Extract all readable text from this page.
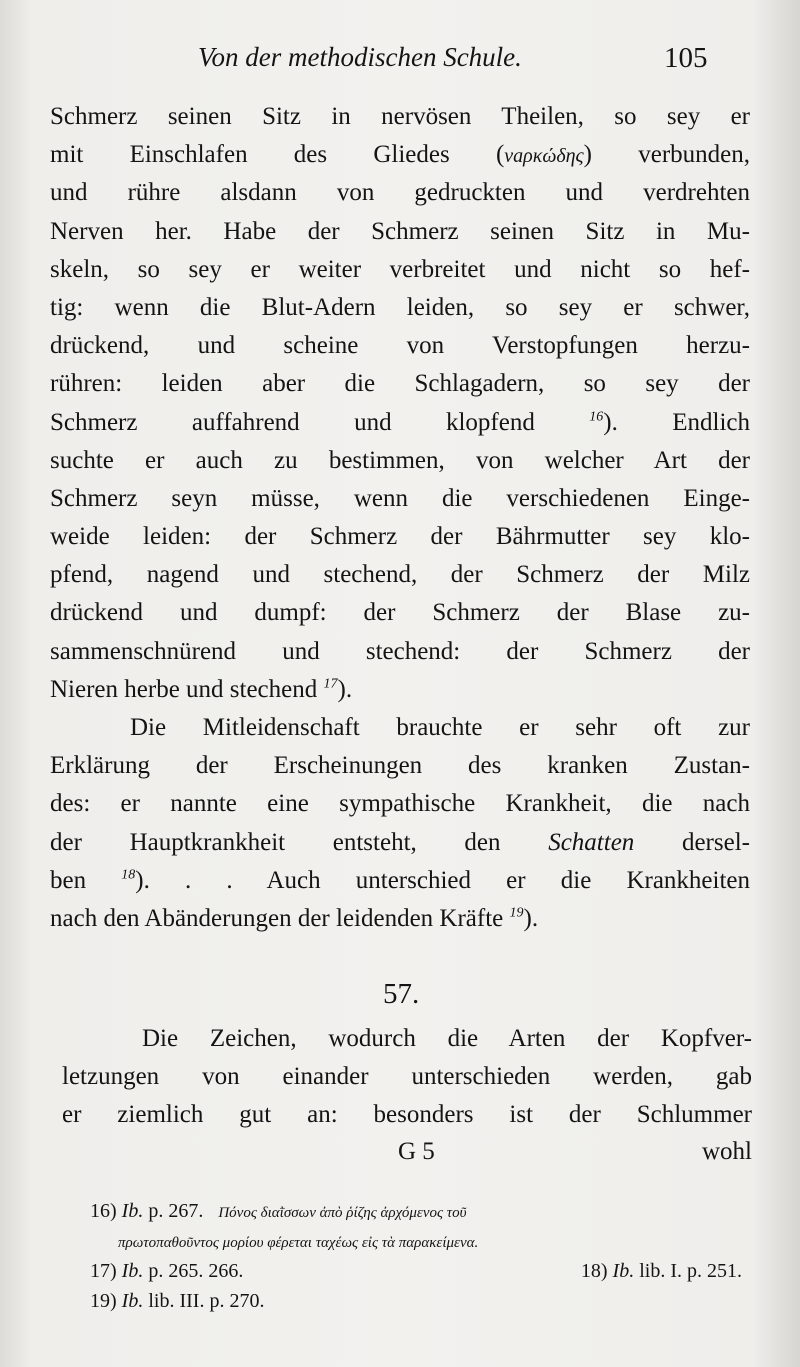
Von der methodischen Schule.	105
Schmerz seinen Sitz in nervösen Theilen, so sey er
mit Einschlafen des Gliedes (νaρκώδης) verbunden,
und rühre alsdann von gedruckten und verdrehten
Nerven her. Habe der Schmerz seinen Sitz in Mu-
skeln, so sey er weiter verbreitet und nicht so hef-
tig: wenn die Blut-Adern leiden, so sey er schwer,
drückend, und scheine von Verstopfungen herzu-
rühren: leiden aber die Schlagadern, so sey der
Schmerz auffahrend und klopfend	$^{16}$). Endlich
suchte er auch zu bestimmen, von welcher Art der
Schmerz seyn müsse, wenn die verschiedenen Einge-
weide leiden: der Schmerz der Bährmutter sey klo-
pfend, nagend und stechend, der Schmerz der Milz
drückend und dumpf: der Schmerz der Blase zu-
sammenschnürend und stechend: der Schmerz der
Nieren herbe und stechend $^{17}$).
Die Mitleidenschaft brauchte er sehr oft zur
Erklärung der Erscheinungen des kranken Zustan-
des: er nannte eine sympathische Krankheit, die nach
der Hauptkrankheit entsteht, den Schatten dersel-
ben	$^{18}$). . . Auch unterschied er die Krankheiten
nach den Abänderungen der leidenden Kräfte $^{19}$).
57.
Die Zeichen, wodurch die Arten der Kopfver-
letzungen von einander unterschieden werden, gab
er ziemlich gut an: besonders ist der Schlummer
G 5	wohl
16) Ib. p. 267. Πόνος διαῒσσων ἀπὸ ῥίζης ἀρχόμενος τοῦ
πρωτοπαθοῦντος μορίου φέρεται ταχέως εἰς τὰ παρακείμενα.
17) Ib. p. 265. 266.	18) Ib. lib. I. p. 251.
19) Ib. lib. III. p. 270.
